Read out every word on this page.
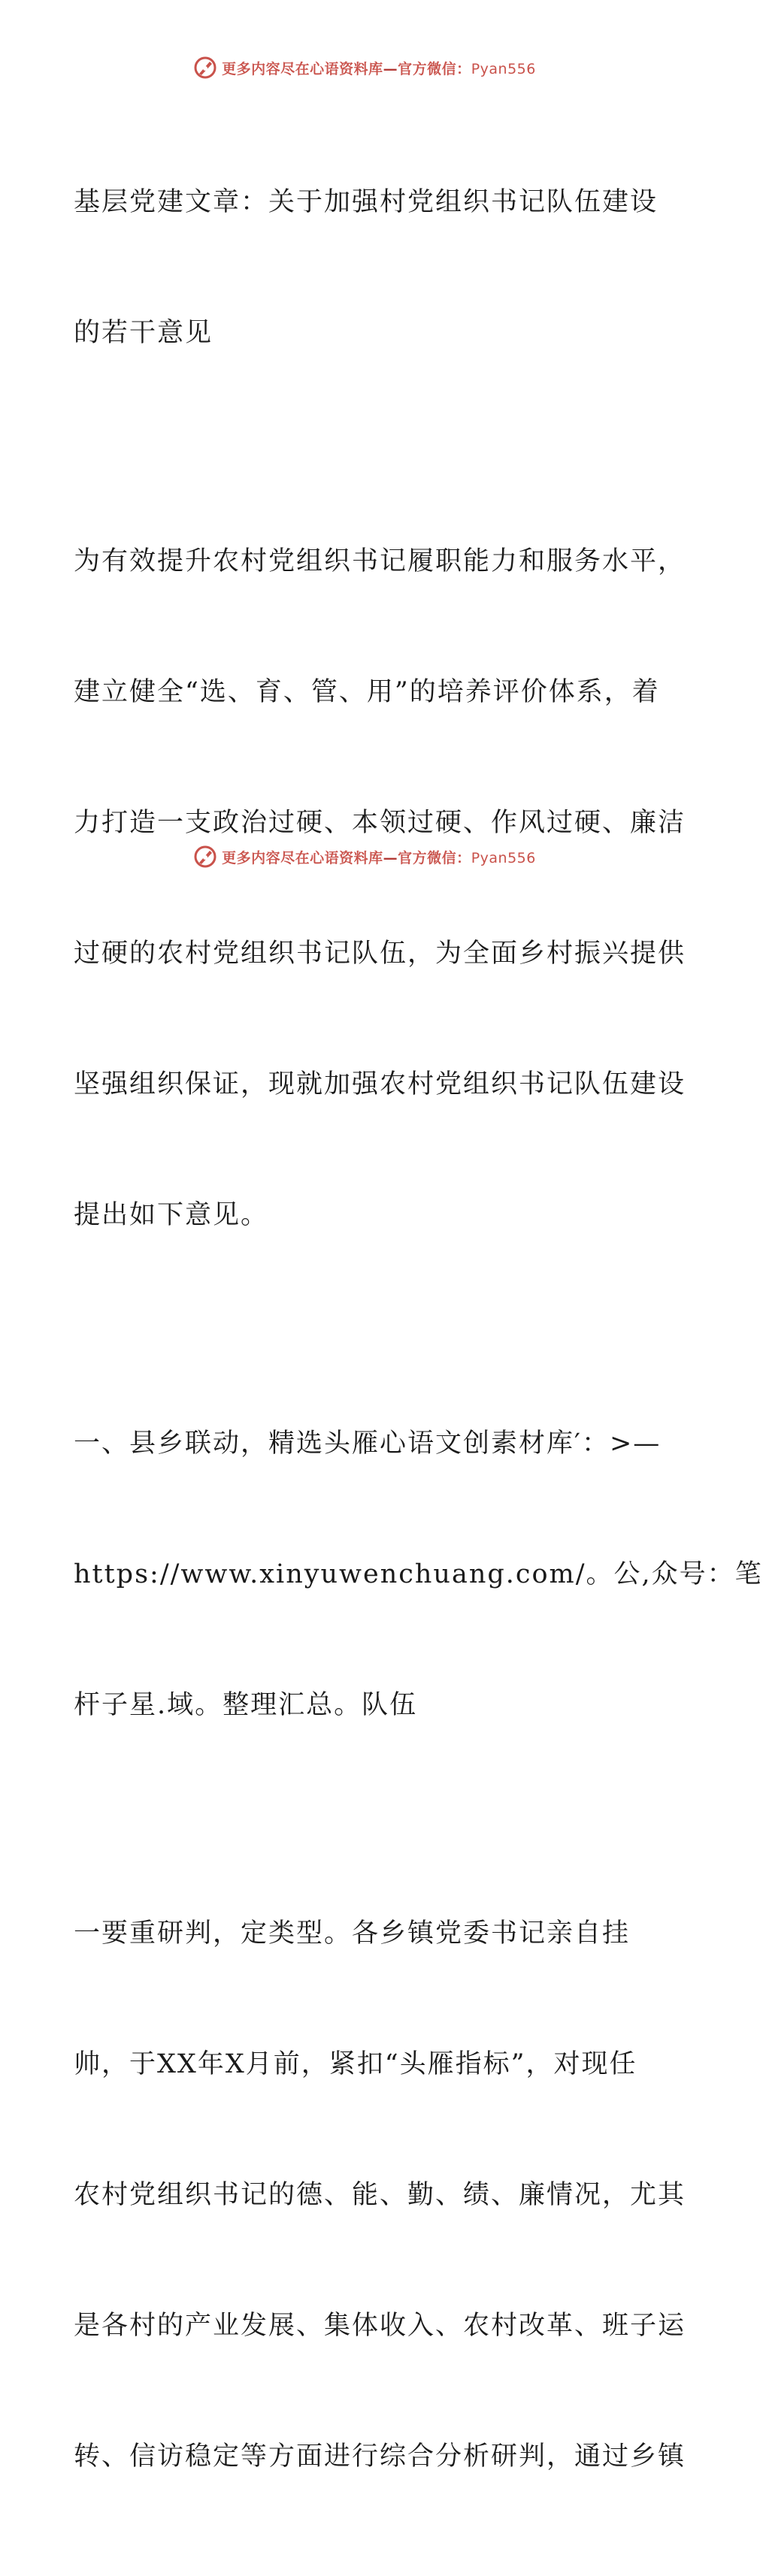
更多内容尽在心语资料库—官方微信：Pyan556

基层党建文章：关于加强村党组织书记队伍建设

的若干意见

为有效提升农村党组织书记履职能力和服务水平，

建立健全“选、育、管、用”的培养评价体系，着

力打造一支政治过硬、本领过硬、作风过硬、廉洁

过硬的农村党组织书记队伍，为全面乡村振兴提供

坚强组织保证，现就加强农村党组织书记队伍建设

提出如下意见。

一、县乡联动，精选头雁心语文创素材库′：>—

https://www.xinyuwenchuang.com/。公,众号：笔

杆子星.域。整理汇总。队伍

一要重研判，定类型。各乡镇党委书记亲自挂

帅，于XX年X月前，紧扣“头雁指标”，对现任

农村党组织书记的德、能、勤、绩、廉情况，尤其

是各村的产业发展、集体收入、农村改革、班子运

转、信访稳定等方面进行综合分析研判，通过乡镇

更多内容尽在心语资料库—官方微信：Pyan556
